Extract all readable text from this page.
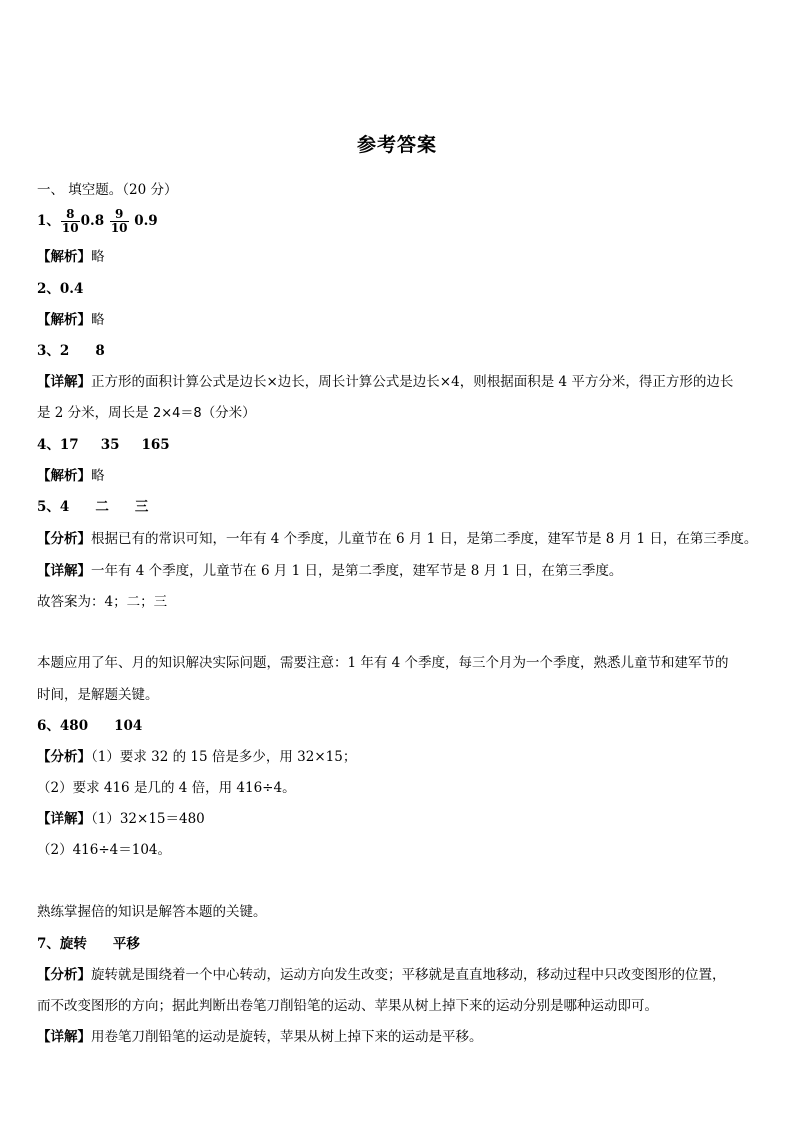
参考答案
一、 填空题。（20 分）
1、 $\frac{8}{10} 0.8 \frac{9}{10} 0.9$
【解析】略
2、0.4
【解析】略
3、2 8
【详解】正方形的面积计算公式是边长×边长，周长计算公式是边长×4，则根据面积是 4 平方分米，得正方形的边长
是 2 分米，周长是 2×4＝8（分米）
4、17 35 165
【解析】略
5、4 二 三
【分析】根据已有的常识可知，一年有 4 个季度，儿童节在 6 月 1 日，是第二季度，建军节是 8 月 1 日，在第三季度。
【详解】一年有 4 个季度，儿童节在 6 月 1 日，是第二季度，建军节是 8 月 1 日，在第三季度。
故答案为：4；二；三
本题应用了年、月的知识解决实际问题，需要注意：1 年有 4 个季度，每三个月为一个季度，熟悉儿童节和建军节的
时间，是解题关键。
6、480 104
【分析】（1）要求 32 的 15 倍是多少，用 32×15；
（2）要求 416 是几的 4 倍，用 416÷4。
【详解】（1）32×15＝480
（2）416÷4＝104。
熟练掌握倍的知识是解答本题的关键。
7、旋转 平移
【分析】旋转就是围绕着一个中心转动，运动方向发生改变；平移就是直直地移动，移动过程中只改变图形的位置，
而不改变图形的方向；据此判断出卷笔刀削铅笔的运动、苹果从树上掉下来的运动分别是哪种运动即可。
【详解】用卷笔刀削铅笔的运动是旋转，苹果从树上掉下来的运动是平移。
